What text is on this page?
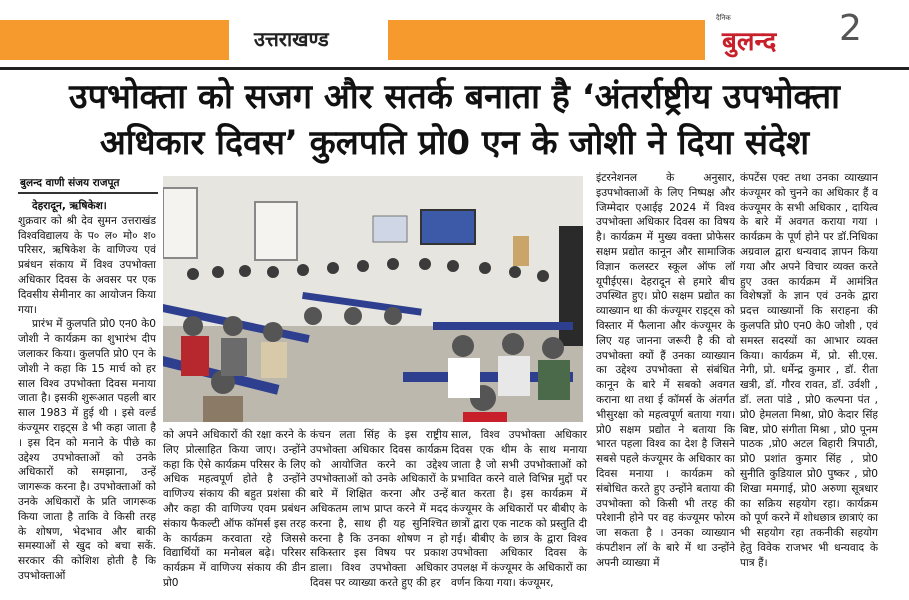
उत्तराखण्ड
दैनिक
बुलन्द 2
उपभोक्ता को सजग और सतर्क बनाता है ‘अंतर्राष्ट्रीय उपभोक्ता
अधिकार दिवस’ कुलपति प्रो0 एन के जोशी ने दिया संदेश
बुलन्द वाणी संजय राजपूत

देहरादून, ऋषिकेश।
शुक्रवार को श्री देव सुमन उत्तराखंड विश्वविद्यालय के प० ल० मो० श० परिसर, ऋषिकेश के वाणिज्य एवं प्रबंधन संकाय में विश्व उपभोक्ता अधिकार दिवस के अवसर पर एक दिवसीय सेमीनार का आयोजन किया गया।

प्रारंभ में कुलपति प्रो0 एन0 के0 जोशी ने कार्यक्रम का शुभारंभ दीप जलाकर किया। कुलपति प्रो0 एन के जोशी ने कहा कि 15 मार्च को हर साल विश्व उपभोक्ता दिवस मनाया जाता है। इसकी शुरूआत पहली बार साल 1983 में हुई थी । इसे वर्ल्ड कंज्यूमर राइट्स डे भी कहा जाता है । इस दिन को मनाने के पीछे का उद्देश्य उपभोक्ताओं को उनके अधिकारों को समझाना, उन्हें जागरूक करना है। उपभोक्ताओं को उनके अधिकारों के प्रति जागरूक किया जाता है ताकि वे किसी तरह के शोषण, भेदभाव और बाकी समस्याओं से खुद को बचा सकें. सरकार की कोशिश होती है कि उपभोक्ताओं

को अपने अधिकारों की रक्षा करने के लिए प्रोत्साहित किया जाए। उन्होंने कहा कि ऐसे कार्यक्रम परिसर के लिए अधिक महत्वपूर्ण होते है उन्होंने वाणिज्य संकाय की बहुत प्रशंसा की और कहा की वाणिज्य एवम प्रबंधन संकाय फैकल्टी ऑफ कॉमर्स इस तरह के कार्यक्रम करवाता रहे जिससे विद्यार्थियों का मनोबल बढ़े। परिसर कार्यक्रम में वाणिज्य संकाय की डीन प्रो0
कंचन लता सिंह के इस राष्ट्रीय उपभोक्ता अधिकार दिवस कार्यक्रम को आयोजित करने का उद्देश्य उपभोक्ताओं को उनके अधिकारों के बारे में शिक्षित करना और उन्हें अधिकतम लाभ प्राप्त करने में मदद करना है, साथ ही यह सुनिश्चित करना है कि उनका शोषण न हो सकिस्तार इस विषय पर प्रकाश डाला। विश्व उपभोक्ता अधिकार दिवस पर व्याख्या करते हुए की हर
साल, विश्व उपभोक्ता अधिकार दिवस एक थीम के साथ मनाया जाता है जो सभी उपभोक्ताओं को प्रभावित करने वाले विभिन्न मुद्दों पर बात करता है। इस कार्यक्रम में कंज्यूमर के अधिकारों पर बीबीए के छात्रों द्वारा एक नाटक को प्रस्तुति दी गई। बीबीए के छात्र के द्वारा विश्व उपभोक्ता अधिकार दिवस के उपलक्ष में कंज्यूमर के अधिकारों का वर्णन किया गया। कंज्यूमर,
इंटरनेशनल के अनुसार, इउपभोक्ताओं के लिए निष्पक्ष और जिम्मेदार एआईइ 2024 में विश्व उपभोक्ता अधिकार दिवस का विषय है। कार्यक्रम में मुख्य वक्ता प्रोफेसर सक्षम प्रद्योत कानून और सामाजिक विज्ञान कलस्टर स्कूल ऑफ लॉ यूपीईएस। देहरादून से हमारे बीच उपस्थित हुए। प्रो0 सक्षम प्रद्योत का व्याख्यान था की कंज्यूमर राइट्स को विस्तार में फैलाना और कंज्यूमर के लिए यह जानना जरूरी है की वो उपभोक्ता क्यों हैं उनका व्याख्यान का उद्देश्य उपभोक्ता से संबंधित कानून के बारे में सबको अवगत कराना था तथा ई कॉमर्स के अंतर्गत भीसुरक्षा को महत्वपूर्ण बताया गया। प्रो0 सक्षम प्रद्योत ने बताया कि भारत पहला विश्व का देश है जिसने सबसे पहले कंज्यूमर के अधिकार का दिवस मनाया । कार्यक्रम को संबोधित करते हुए उन्होंने बताया की उपभोक्ता को किसी भी तरह की परेशानी होने पर वह कंज्यूमर फोरम जा सकता है । उनका व्याख्यान कंपटीशन लॉ के बारे में था उन्होंने अपनी व्याख्या में
कंपटेंस एक्ट तथा उनका व्याख्यान कंज्यूमर को चुनने का अधिकार हैं व कंज्यूमर के सभी अधिकार , दायित्व के बारे में अवगत कराया गया । कार्यक्रम के पूर्ण होने पर डॉ.निधिका अग्रवाल द्वारा धन्यवाद ज्ञापन किया गया और अपने विचार व्यक्त करते हुए उक्त कार्यक्रम में आमंत्रित विशेषज्ञों के ज्ञान एवं उनके द्वारा प्रदत्त व्याख्यानों कि सराहना की कुलपति प्रो0 एन0 के0 जोशी , एवं समस्त सदस्यों का आभार व्यक्त किया। कार्यक्रम में, प्रो. सी.एस. नेगी, प्रो. धर्मेन्द्र कुमार , डॉ. रीता खत्री, डॉ. गौरव रावत, डॉ. उर्वशी , डॉ. लता पांडे , प्रो0 कल्पना पंत , प्रो0 हेमलता मिश्रा, प्रो0 केदार सिंह बिष्ट, प्रो0 संगीता मिश्रा , प्रो0 पूनम पाठक ,प्रो0 अटल बिहारी त्रिपाठी, प्रो0 प्रशांत कुमार सिंह , प्रो0 सुनीति कुडियाल प्रो0 पुष्कर , प्रो0 शिखा ममगाई, प्रो0 अरुणा सूत्रधार का सक्रिय सहयोग रहा। कार्यक्रम को पूर्ण करने में शोधछात्र छात्राएं का भी सहयोग रहा तकनीकी सहयोग हेतु विवेक राजभर भी धन्यवाद के पात्र हैं।
